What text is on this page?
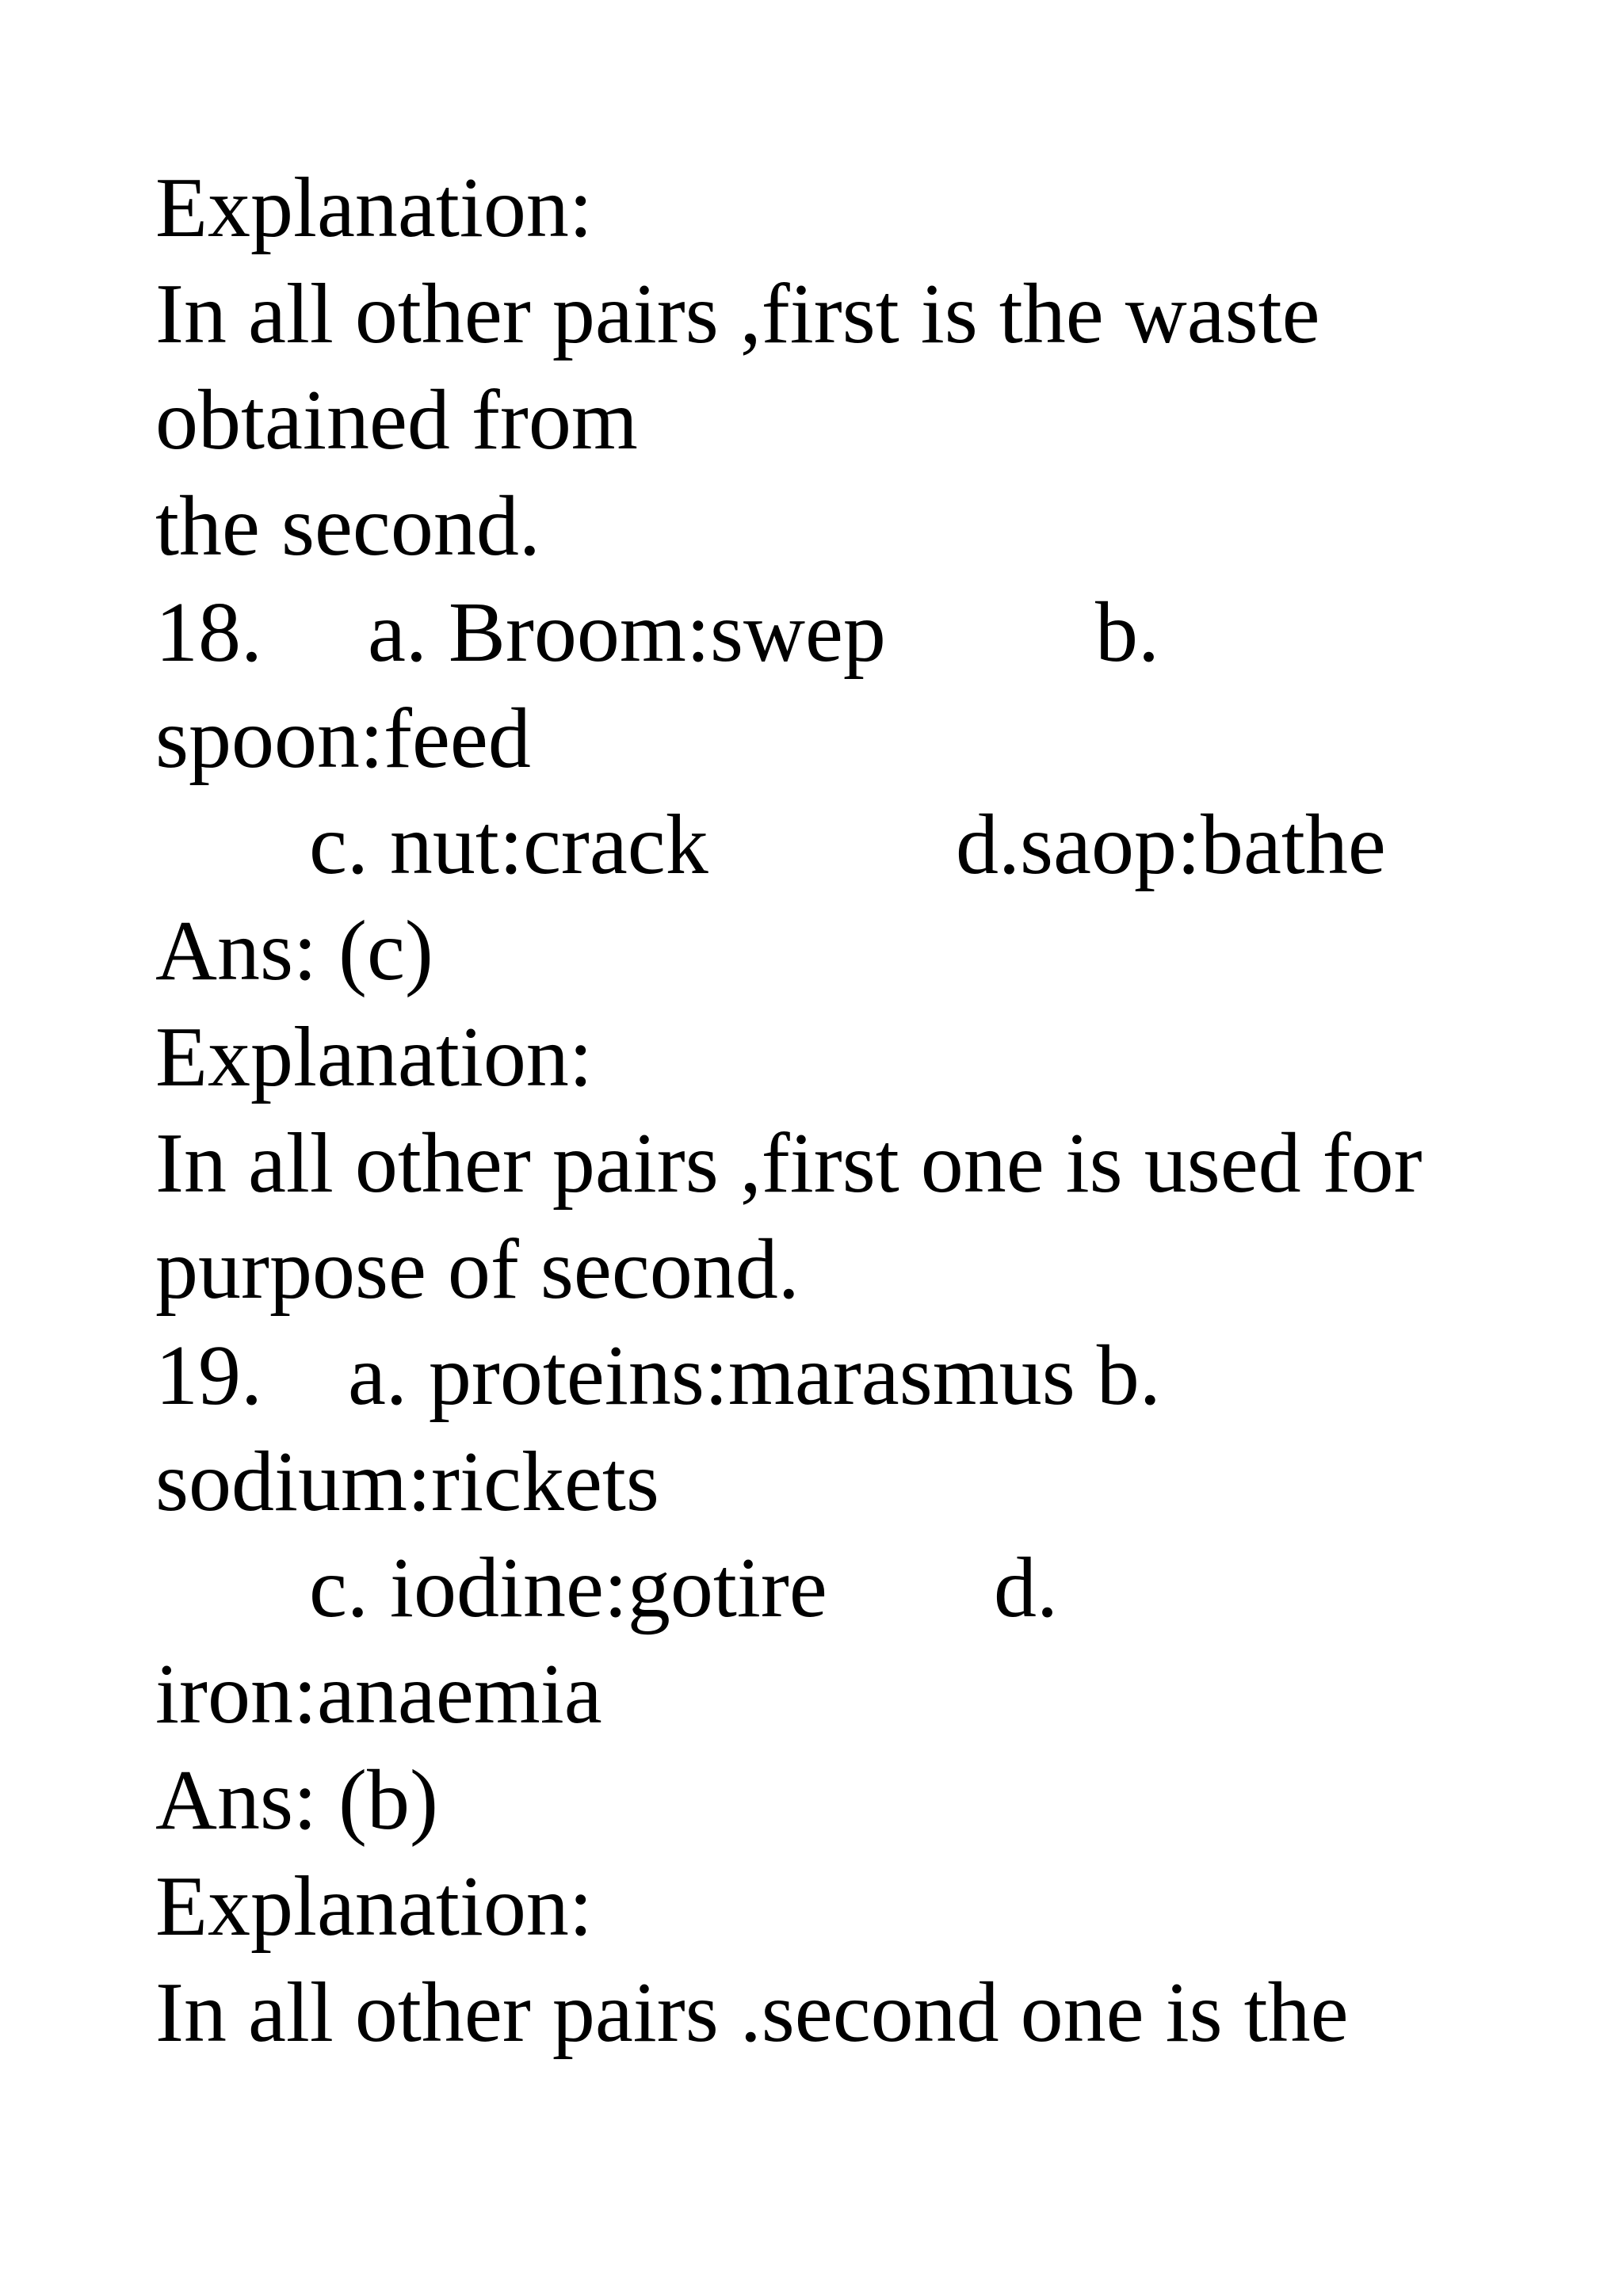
Explanation:
In all other pairs ,first is the waste
obtained from
the second.

18.

a. Broom:swep

b.

spoon:feed

c. nut:crack

	d.saop:bathe

Ans: (c)
Explanation:
In all other pairs ,first one is used for
purpose of second.
19.    a. proteins:marasmus b.
sodium:rickets

c. iodine:gotire

d.

iron:anaemia
Ans: (b)
Explanation:
In all other pairs .second one is the
